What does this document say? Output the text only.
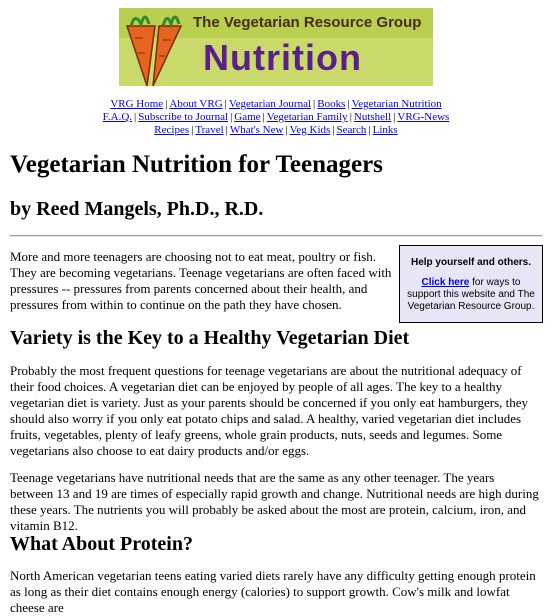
The Vegetarian Resource Group
Nutrition
VRG Home | About VRG | Vegetarian Journal | Books | Vegetarian Nutrition
F.A.Q. | Subscribe to Journal | Game | Vegetarian Family | Nutshell | VRG-News
Recipes | Travel | What's New | Veg Kids | Search | Links
Vegetarian Nutrition for Teenagers
by Reed Mangels, Ph.D., R.D.

More and more teenagers are choosing not to eat meat, poultry or fish. They are becoming vegetarians. Teenage vegetarians are often faced with pressures -- pressures from parents concerned about their health, and pressures from within to continue on the path they have chosen.

Help yourself and others.
Click here for ways to support this website and The Vegetarian Resource Group.
Variety is the Key to a Healthy Vegetarian Diet

Probably the most frequent questions for teenage vegetarians are about the nutritional adequacy of their food choices. A vegetarian diet can be enjoyed by people of all ages. The key to a healthy vegetarian diet is variety. Just as your parents should be concerned if you only eat hamburgers, they should also worry if you only eat potato chips and salad. A healthy, varied vegetarian diet includes fruits, vegetables, plenty of leafy greens, whole grain products, nuts, seeds and legumes. Some vegetarians also choose to eat dairy products and/or eggs.

Teenage vegetarians have nutritional needs that are the same as any other teenager. The years between 13 and 19 are times of especially rapid growth and change. Nutritional needs are high during these years. The nutrients you will probably be asked about the most are protein, calcium, iron, and vitamin B12.

What About Protein?

North American vegetarian teens eating varied diets rarely have any difficulty getting enough protein as long as their diet contains enough energy (calories) to support growth. Cow's milk and lowfat cheese are
